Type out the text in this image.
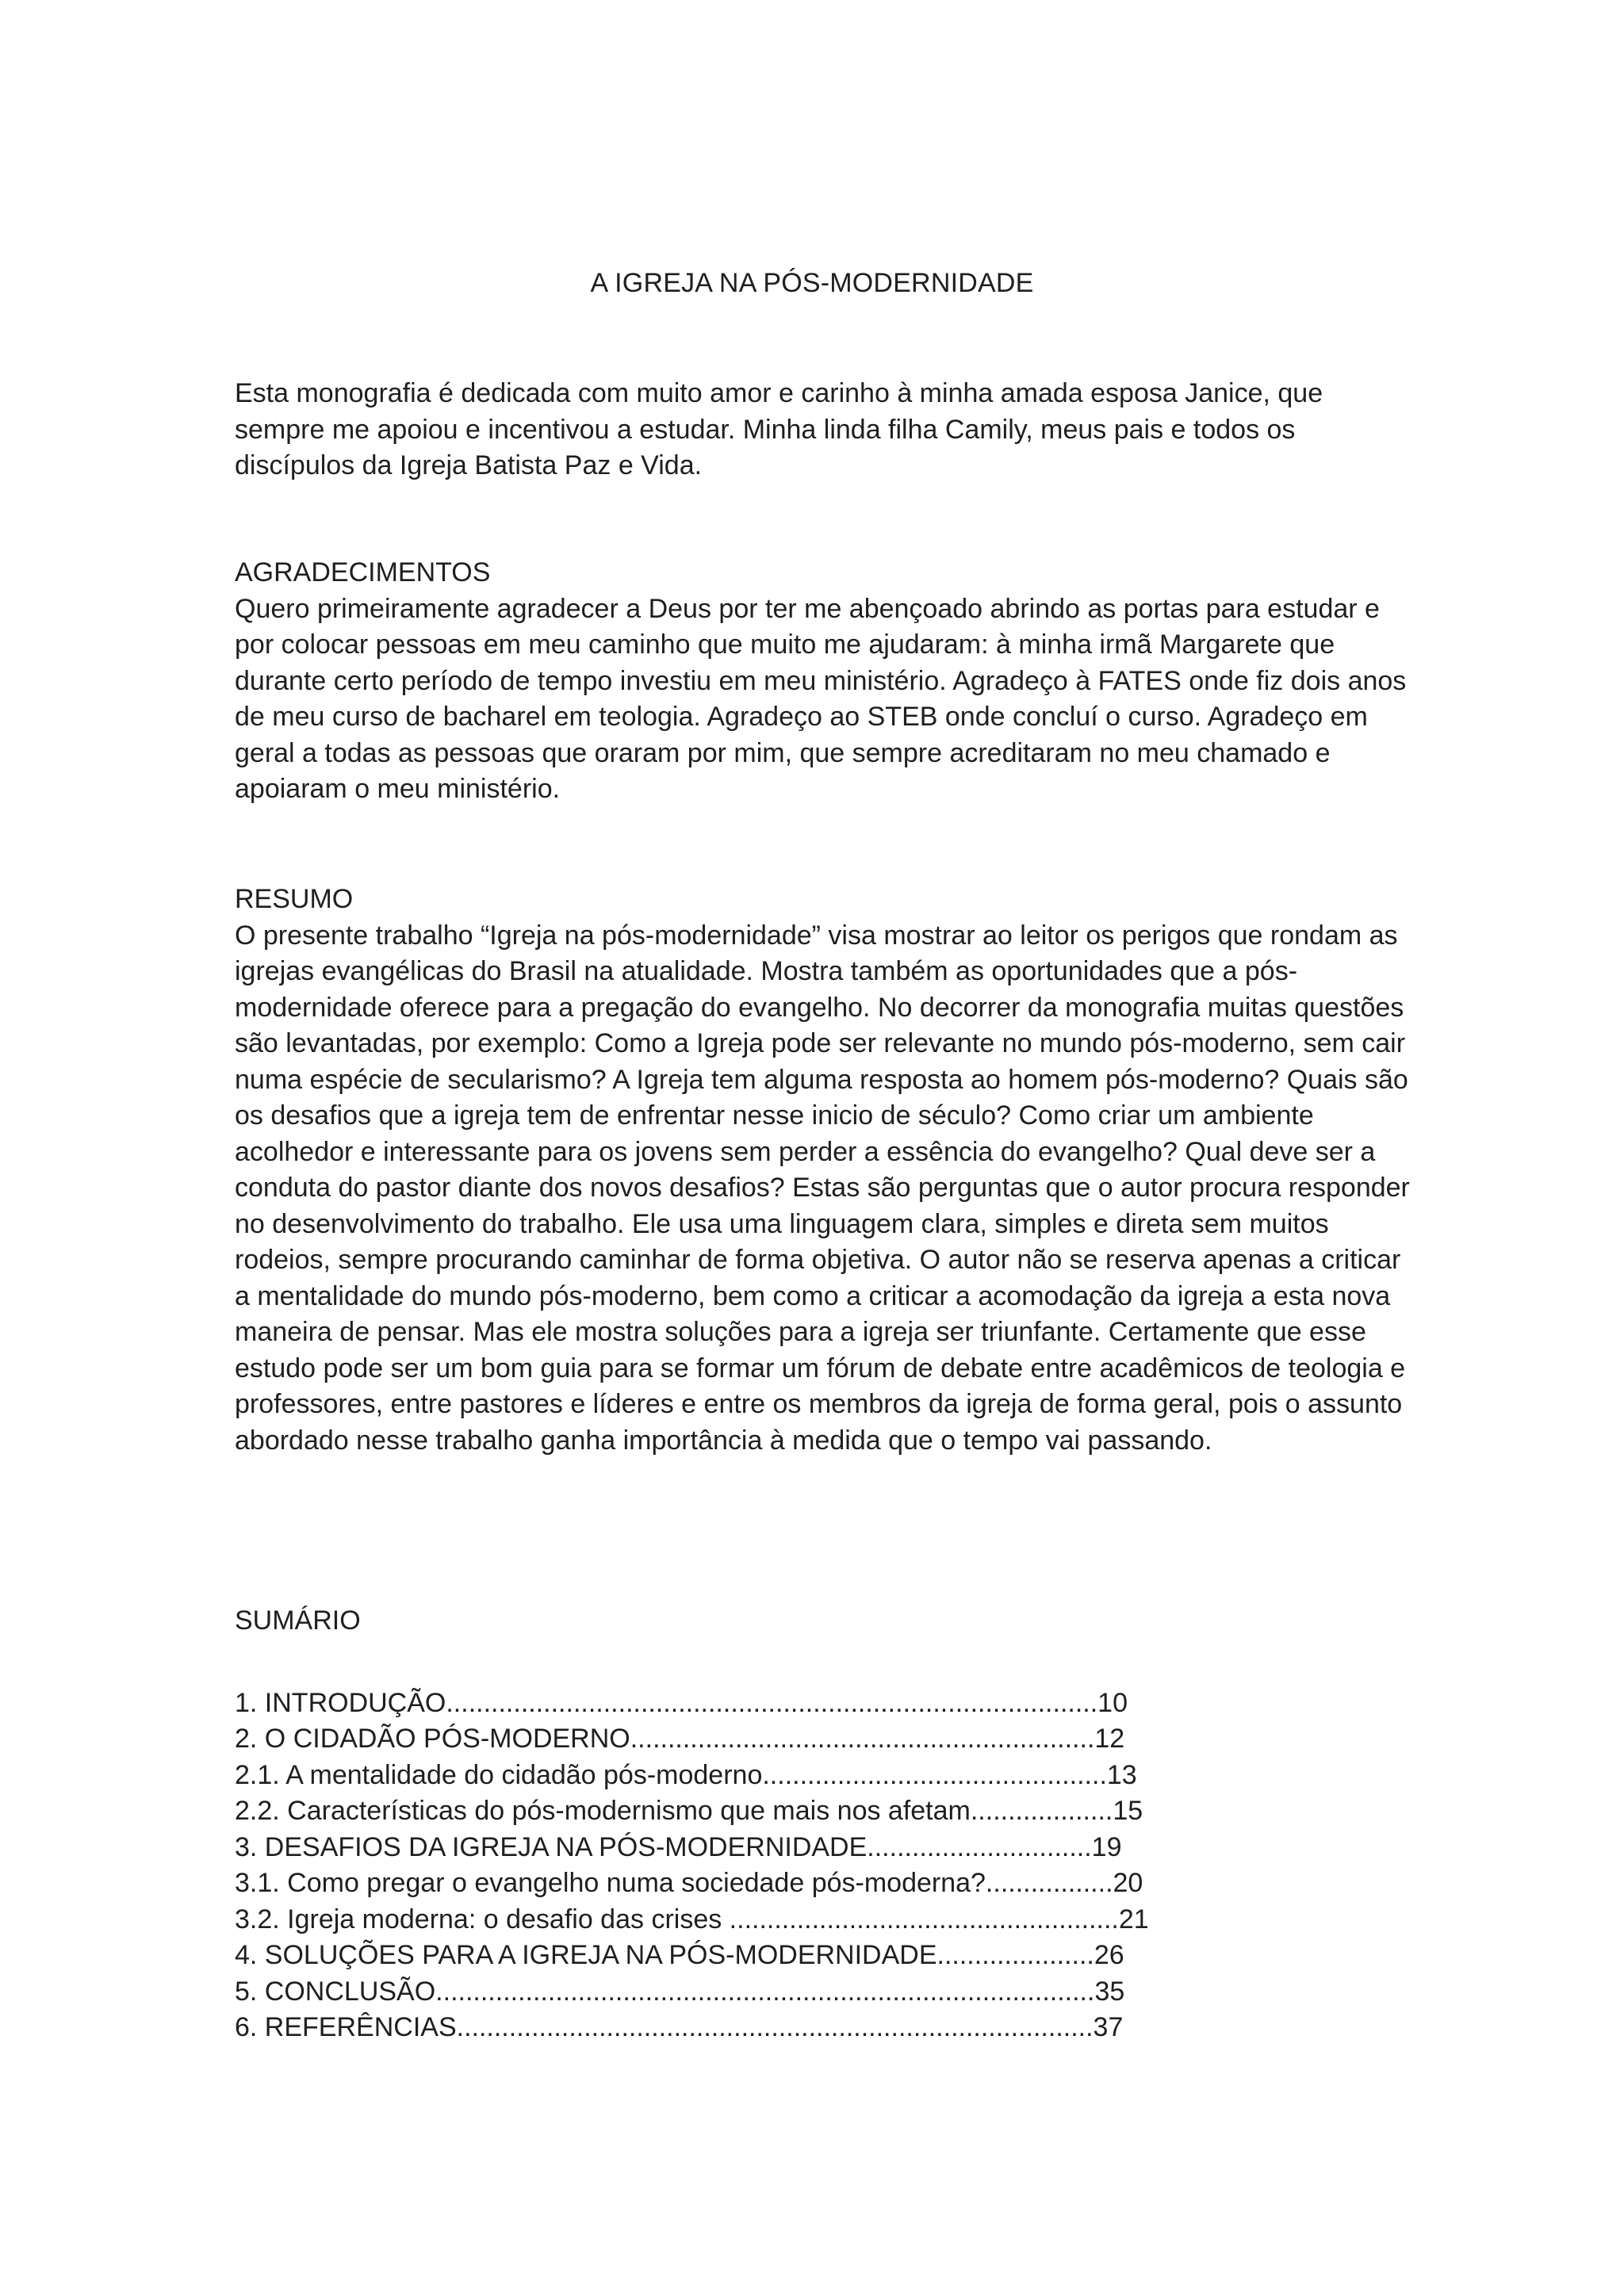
A IGREJA NA PÓS-MODERNIDADE

Esta monografia é dedicada com muito amor e carinho à minha amada esposa Janice, que sempre me apoiou e incentivou a estudar. Minha linda filha Camily, meus pais e todos os discípulos da Igreja Batista Paz e Vida.

AGRADECIMENTOS

Quero primeiramente agradecer a Deus por ter me abençoado abrindo as portas para estudar e por colocar pessoas em meu caminho que muito me ajudaram: à minha irmã Margarete que durante certo período de tempo investiu em meu ministério. Agradeço à FATES onde fiz dois anos de meu curso de bacharel em teologia. Agradeço ao STEB onde concluí o curso. Agradeço em geral a todas as pessoas que oraram por mim, que sempre acreditaram no meu chamado e apoiaram o meu ministério.

RESUMO

O presente trabalho “Igreja na pós-modernidade” visa mostrar ao leitor os perigos que rondam as igrejas evangélicas do Brasil na atualidade. Mostra também as oportunidades que a pós-modernidade oferece para a pregação do evangelho. No decorrer da monografia muitas questões são levantadas, por exemplo: Como a Igreja pode ser relevante no mundo pós-moderno, sem cair numa espécie de secularismo? A Igreja tem alguma resposta ao homem pós-moderno? Quais são os desafios que a igreja tem de enfrentar nesse inicio de século? Como criar um ambiente acolhedor e interessante para os jovens sem perder a essência do evangelho? Qual deve ser a conduta do pastor diante dos novos desafios? Estas são perguntas que o autor procura responder no desenvolvimento do trabalho. Ele usa uma linguagem clara, simples e direta sem muitos rodeios, sempre procurando caminhar de forma objetiva. O autor não se reserva apenas a criticar a mentalidade do mundo pós-moderno, bem como a criticar a acomodação da igreja a esta nova maneira de pensar. Mas ele mostra soluções para a igreja ser triunfante. Certamente que esse estudo pode ser um bom guia para se formar um fórum de debate entre acadêmicos de teologia e professores, entre pastores e líderes e entre os membros da igreja de forma geral, pois o assunto abordado nesse trabalho ganha importância à medida que o tempo vai passando.

SUMÁRIO
1. INTRODUÇÃO.......................................................................................10
2. O CIDADÃO PÓS-MODERNO..............................................................12
2.1. A mentalidade do cidadão pós-moderno..............................................13
2.2. Características do pós-modernismo que mais nos afetam...................15
3. DESAFIOS DA IGREJA NA PÓS-MODERNIDADE..............................19
3.1. Como pregar o evangelho numa sociedade pós-moderna?.................20
3.2. Igreja moderna: o desafio das crises ....................................................21
4. SOLUÇÕES PARA A IGREJA NA PÓS-MODERNIDADE.....................26
5. CONCLUSÃO........................................................................................35
6. REFERÊNCIAS.....................................................................................37
